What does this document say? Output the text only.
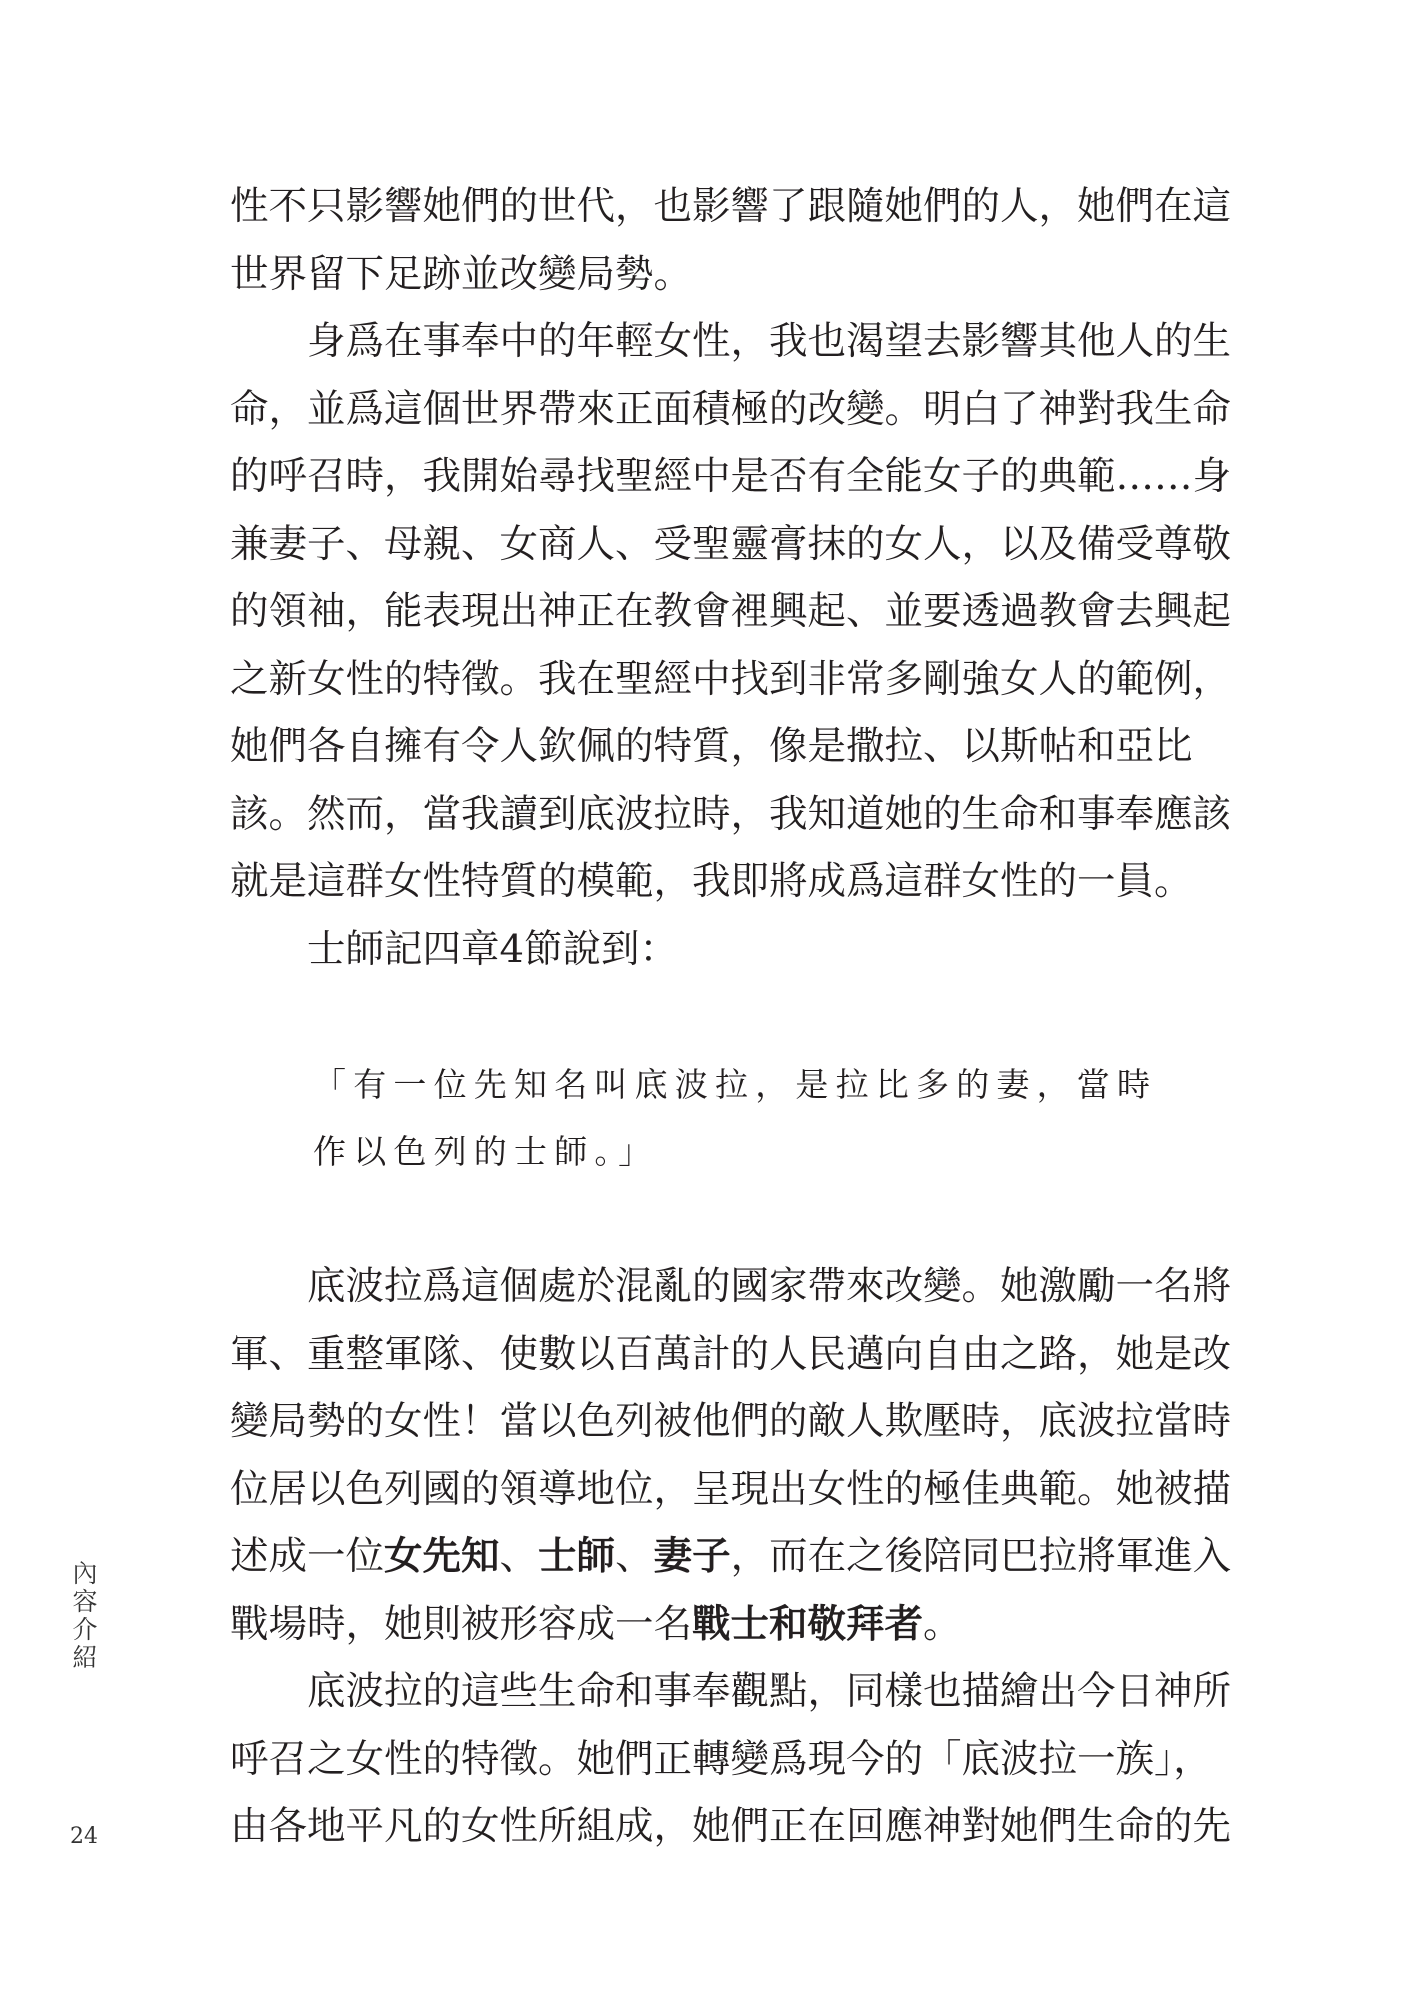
性不只影響她們的世代，也影響了跟隨她們的人，她們在這
世界留下足跡並改變局勢。
身爲在事奉中的年輕女性，我也渴望去影響其他人的生
命，並爲這個世界帶來正面積極的改變。明白了神對我生命
的呼召時，我開始尋找聖經中是否有全能女子的典範……身
兼妻子、母親、女商人、受聖靈膏抹的女人，以及備受尊敬
的領袖，能表現出神正在教會裡興起、並要透過教會去興起
之新女性的特徵。我在聖經中找到非常多剛強女人的範例，
她們各自擁有令人欽佩的特質，像是撒拉、以斯帖和亞比
該。然而，當我讀到底波拉時，我知道她的生命和事奉應該
就是這群女性特質的模範，我即將成爲這群女性的一員。
士師記四章4節說到：
「有一位先知名叫底波拉，是拉比多的妻，當時
作以色列的士師。」
底波拉爲這個處於混亂的國家帶來改變。她激勵一名將
軍、重整軍隊、使數以百萬計的人民邁向自由之路，她是改
變局勢的女性！當以色列被他們的敵人欺壓時，底波拉當時
位居以色列國的領導地位，呈現出女性的極佳典範。她被描
述成一位女先知、士師、妻子，而在之後陪同巴拉將軍進入
戰場時，她則被形容成一名戰士和敬拜者。
底波拉的這些生命和事奉觀點，同樣也描繪出今日神所
呼召之女性的特徵。她們正轉變爲現今的「底波拉一族」，
由各地平凡的女性所組成，她們正在回應神對她們生命的先
內容介紹
24
